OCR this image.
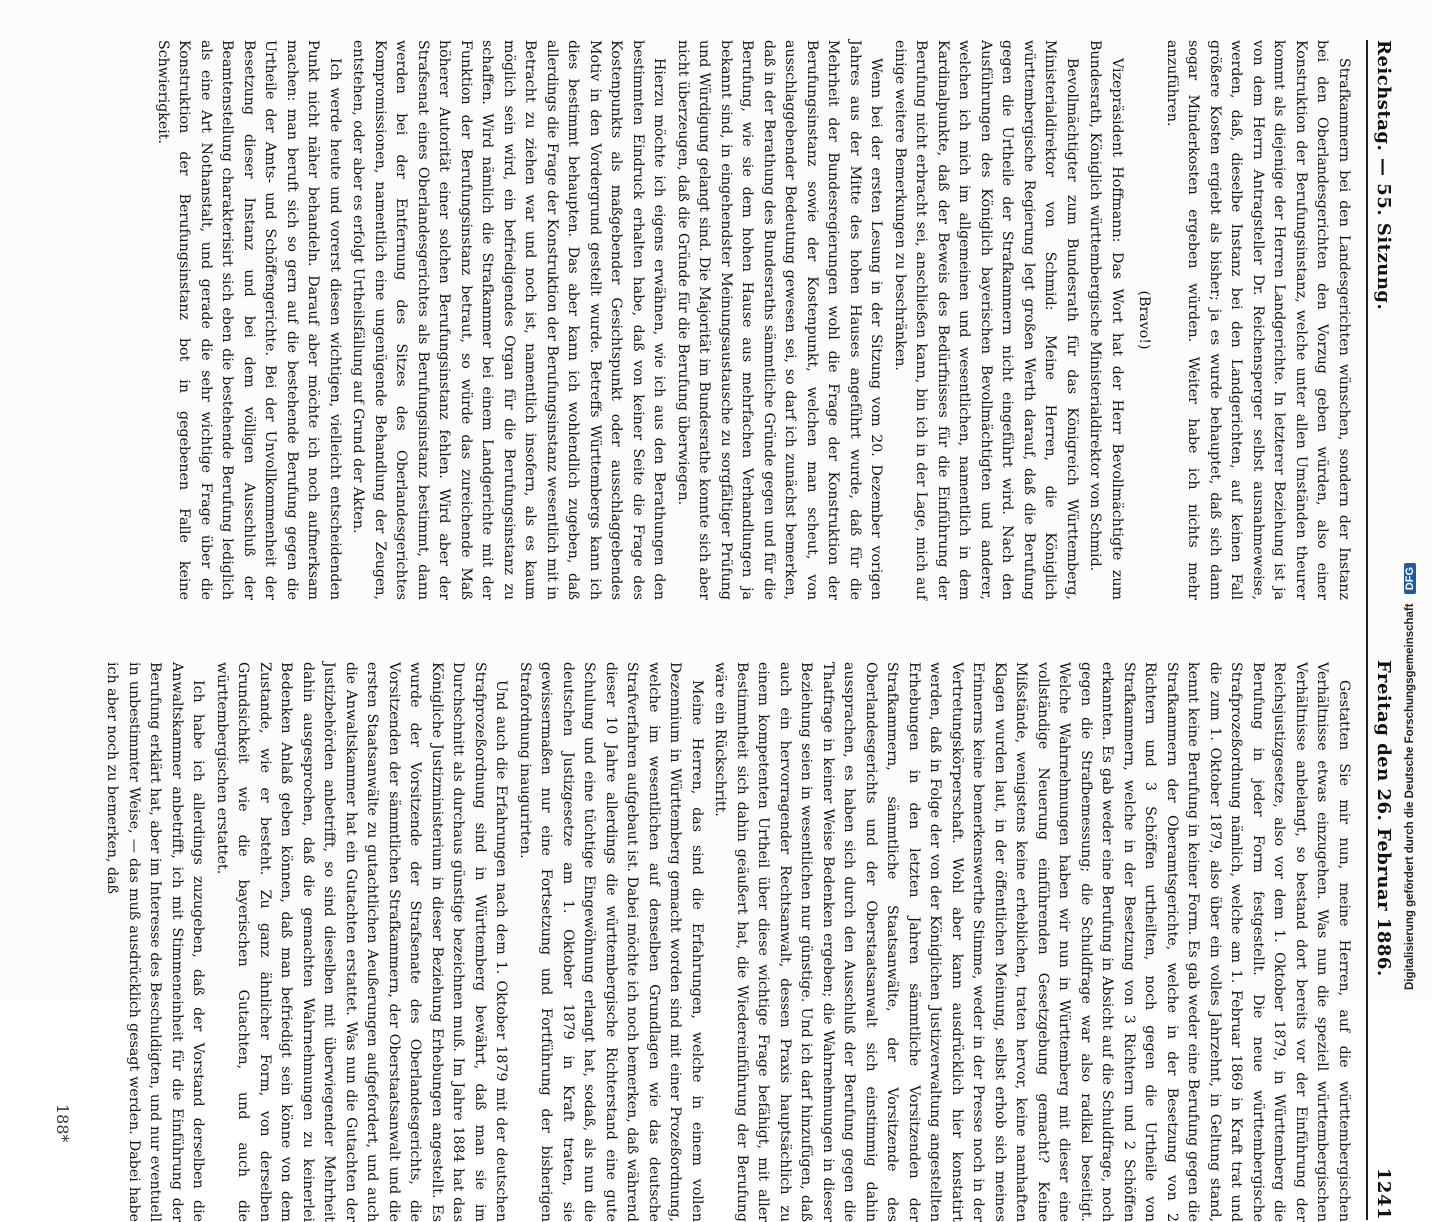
Reichstag. — 55. Sitzung.
Freitag den 26. Februar 1886.
1241

Strafkammern bei den Landesgerichten wünschen, sondern der Instanz bei den Oberlandesgerichten den Vorzug geben würden, also einer Konstruktion der Berufungsinstanz, welche unter allen Umständen theurer kommt als diejenige der Herren Landgerichte. In letzterer Beziehung ist ja von dem Herrn Antragsteller Dr. Reichensperger selbst ausnahmeweise, werden, daß, dieselbe Instanz bei den Landgerichten, auf keinen Fall größere Kosten ergiebt als bisher; ja es wurde behauptet, daß sich dann sogar Minderkosten ergeben würden. Weiter habe ich nichts mehr anzuführen.

(Bravo!)

Vizepräsident Hoffmann: Das Wort hat der Herr Bevollmächtigte zum Bundesrath, Königlich württembergische Ministerialdirektor von Schmid.

Bevollmächtigter zum Bundesrath für das Königreich Württemberg, Ministerialdirektor von Schmid: Meine Herren, die Königlich württembergische Regierung legt großen Werth darauf, daß die Berufung gegen die Urtheile der Strafkammern nicht eingeführt wird. Nach den Ausführungen des Königlich bayerischen Bevollmächtigten und anderer, welchen ich mich im allgemeinen und wesentlichen, namentlich in dem Kardinalpunkte, daß der Beweis des Bedürfnisses für die Einführung der Berufung nicht erbracht sei, anschließen kann, bin ich in der Lage, mich auf einige weitere Bemerkungen zu beschränken.

Wenn bei der ersten Lesung in der Sitzung vom 20. Dezember vorigen Jahres aus der Mitte des hohen Hauses angeführt wurde, daß für die Mehrheit der Bundesregierungen wohl die Frage der Konstruktion der Berufungsinstanz sowie der Kostenpunkt, welchen man scheut, von ausschlaggebender Bedeutung gewesen sei, so darf ich zunächst bemerken, daß in der Berathung des Bundesraths sämmtliche Gründe gegen und für die Berufung, wie sie dem hohen Hause aus mehrfachen Verhandlungen ja bekannt sind, in eingehendster Meinungsaustausche zu sorgfältiger Prüfung und Würdigung gelangt sind. Die Majorität im Bundesrathe konnte sich aber nicht überzeugen, daß die Gründe für die Berufung überwiegen.

Hierzu möchte ich eigens erwähnen, wie ich aus den Berathungen den bestimmten Eindruck erhalten habe, daß von keiner Seite die Frage des Kostenpunkts als maßgebender Gesichtspunkt oder ausschlaggebendes Motiv in den Vordergrund gestellt wurde. Betreffs Württembergs kann ich dies bestimmt behaupten. Das aber kann ich wohlendlich zugeben, daß allerdings die Frage der Konstruktion der Berufungsinstanz wesentlich mit in Betracht zu ziehen war und noch ist, namentlich insofern, als es kaum möglich sein wird, ein befriedigendes Organ für die Berufungsinstanz zu schaffen. Wird nämlich die Strafkammer bei einem Landgerichte mit der Funktion der Berufungsinstanz betraut, so würde das zureichende Maß höherer Autorität einer solchen Berufungsinstanz fehlen. Wird aber der Strafsenat eines Oberlandesgerichtes als Berufungsinstanz bestimmt, dann werden bei der Entfernung des Sitzes des Oberlandesgerichtes Kompromissionen, namentlich eine ungenügende Behandlung der Zeugen, entstehen, oder aber es erfolgt Urtheilsfällung auf Grund der Akten.

Ich werde heute und vorerst diesen wichtigen, vielleicht entscheidenden Punkt nicht näher behandeln. Darauf aber möchte ich noch aufmerksam machen: man beruft sich so gern auf die bestehende Berufung gegen die Urtheile der Amts- und Schöffengerichte. Bei der Unvollkommenheit der Besetzung dieser Instanz und bei dem völligen Ausschluß der Beamtenstellung charakterisirt sich eben die bestehende Berufung lediglich als eine Art Nothanstalt, und gerade die sehr wichtige Frage über die Konstruktion der Berufungsinstanz bot in gegebenen Falle keine Schwierigkeit.

Gestatten Sie mir nun, meine Herren, auf die württembergischen Verhältnisse etwas einzugehen. Was nun die speziell württembergischen Verhältnisse anbelangt, so bestand dort bereits vor der Einführung der Reichsjustizgesetze, also vor dem 1. Oktober 1879, in Württemberg die Berufung in jeder Form festgestellt. Die neue württembergische Strafprozeßordnung nämlich, welche am 1. Februar 1869 in Kraft trat und die zum 1. Oktober 1879, also über ein volles Jahrzehnt, in Geltung stand, kennt keine Berufung in keiner Form. Es gab weder eine Berufung gegen die Strafkammern der Oberamtsgerichte, welche in der Besetzung von 2 Richtern und 3 Schöffen urtheilten, noch gegen die Urtheile von Strafkammern, welche in der Besetzung von 3 Richtern und 2 Schöffen erkannten. Es gab weder eine Berufung in Absicht auf die Schuldfrage, noch gegen die Strafbemessung; die Schuldfrage war also radikal beseitigt. Welche Wahrnehmungen haben wir nun in Württemberg mit dieser eine vollständige Neuerung einführenden Gesetzgebung gemacht? Keine Mißstände, wenigstens keine erheblichen, traten hervor, keine namhaften Klagen wurden laut, in der öffentlichen Meinung, selbst erhob sich meines Erinnerns keine bemerkenswerthe Stimme, weder in der Presse noch in der Vertretungskörperschaft. Wohl aber kann ausdrücklich hier konstatirt werden, daß in Folge der von der Königlichen Justizverwaltung angestellten Erhebungen in den letzten Jahren sämmtliche Vorsitzenden der Strafkammern, sämmtliche Staatsanwälte, der Vorsitzende des Oberlandesgerichts und der Oberstaatsanwalt sich einstimmig dahin aussprachen, es haben sich durch den Ausschluß der Berufung gegen die Thatfrage in keiner Weise Bedenken ergeben; die Wahrnehmungen in dieser Beziehung seien in wesentlichen nur günstige. Und ich darf hinzufügen, daß auch ein hervorragender Rechtsanwalt, dessen Praxis hauptsächlich zu einem kompetenten Urtheil über diese wichtige Frage befähigt, mit aller Bestimmtheit sich dahin geäußert hat, die Wiedereinführung der Berufung wäre ein Rückschritt.

Meine Herren, das sind die Erfahrungen, welche in einem vollen Dezennium in Württemberg gemacht worden sind mit einer Prozeßordnung, welche im wesentlichen auf denselben Grundlagen wie das deutsche Strafverfahren aufgebaut ist. Dabei möchte ich noch bemerken, daß während dieser 10 Jahre allerdings die württembergische Richterstand eine gute Schulung und eine tüchtige Eingewöhnung erlangt hat, sodaß, als nun die deutschen Justizgesetze am 1. Oktober 1879 in Kraft traten, sie gewissermaßen nur eine Fortsetzung und Fortführung der bisherigen Strafordnung inaugurirten.

Und auch die Erfahrungen nach dem 1. Oktober 1879 mit der deutschen Strafprozeßordnung sind in Württemberg bewährt, daß man sie im Durchschnitt als durchaus günstige bezeichnen muß. Im Jahre 1884 hat das Königliche Justizministerium in dieser Beziehung Erhebungen angestellt. Es wurde der Vorsitzende der Strafsenate des Oberlandesgerichts, die Vorsitzenden der sämmtlichen Strafkammern, der Oberstaatsanwalt und die ersten Staatsanwälte zu gutachtlichen Aeußerungen aufgefordert, und auch die Anwaltskammer hat ein Gutachten erstattet. Was nun die Gutachten der Justizbehörden anbetrifft, so sind dieselben mit überwiegender Mehrheit dahin ausgesprochen, daß die gemachten Wahrnehmungen zu keinerlei Bedenken Anlaß geben können, daß man befriedigt sein könne von dem Zustande, wie er besteht. Zu ganz ähnlicher Form, von derselben Grundsichkeit wie die bayerischen Gutachten, und auch die württembergischen erstattet.

Ich habe ich allerdings zuzugeben, daß der Vorstand derselben die Anwaltskammer anbetrifft, ich mit Stimmeneinheit für die Einführung der Berufung erklärt hat, aber im Interesse des Beschuldigten, und nur eventuell in unbestimmter Weise, — das muß ausdrücklich gesagt werden. Dabei habe ich aber noch zu bemerken, daß

188*
Digitalisierung gefördert durch die Deutsche Forschungsgemeinschaft DFG
